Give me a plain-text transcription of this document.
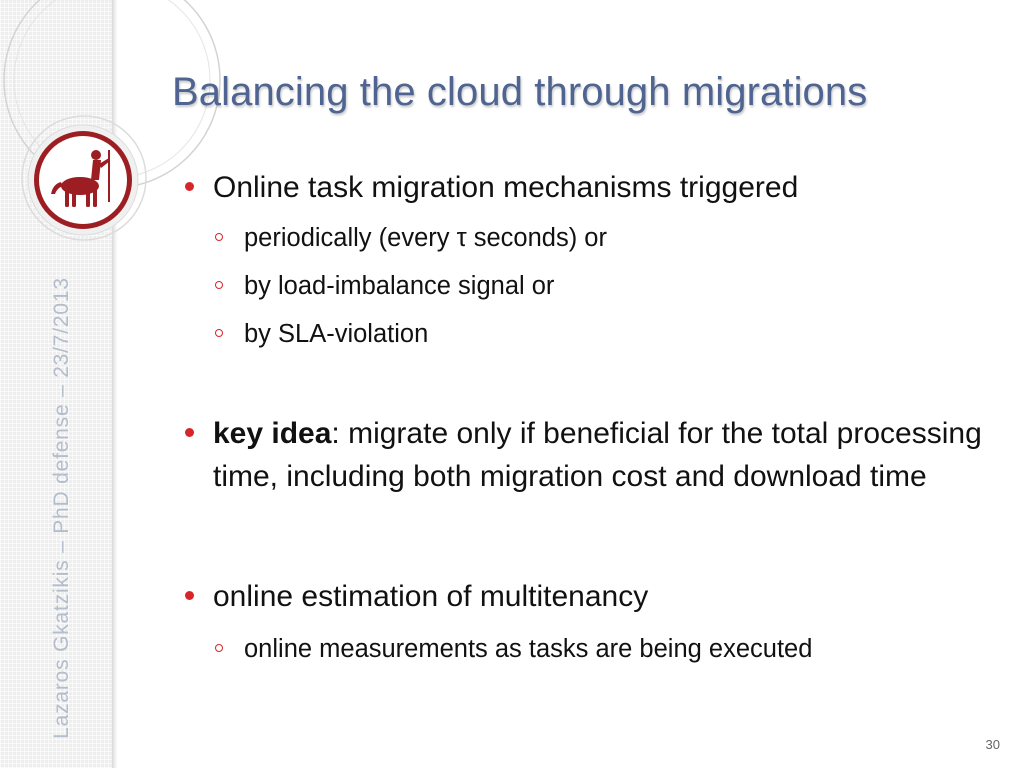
Lazaros Gkatzikis – PhD defense – 23/7/2013
Balancing the cloud through migrations
Online task migration mechanisms triggered
periodically (every τ seconds) or
by load-imbalance signal or
by SLA-violation
key idea: migrate only if beneficial for the total processing time, including both migration cost and download time
online estimation of multitenancy
online measurements as tasks are being executed
30
